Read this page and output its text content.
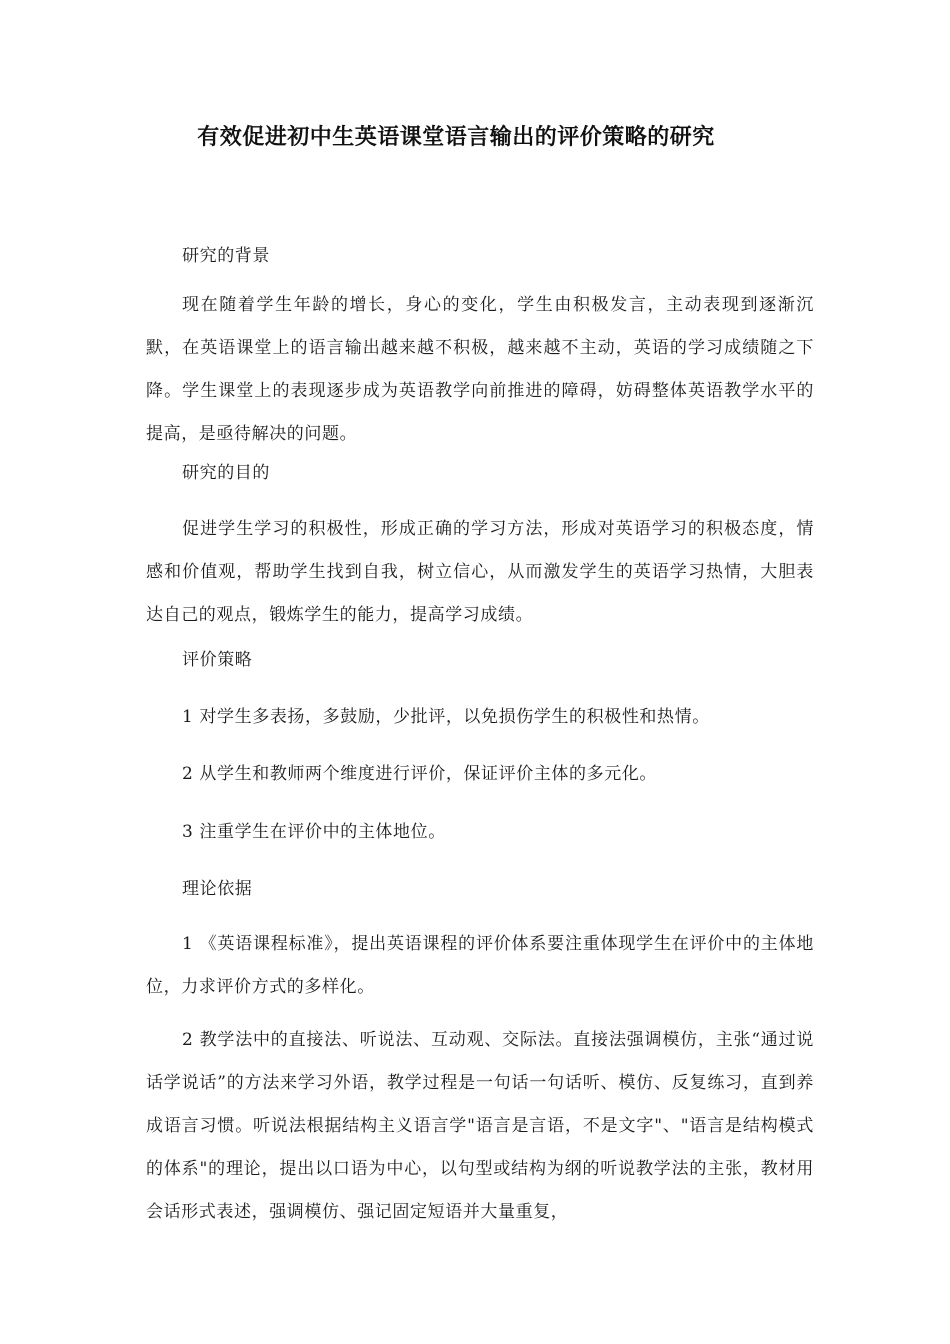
有效促进初中生英语课堂语言输出的评价策略的研究
研究的背景
现在随着学生年龄的增长，身心的变化，学生由积极发言，主动表现到逐渐沉默，在英语课堂上的语言输出越来越不积极，越来越不主动，英语的学习成绩随之下降。学生课堂上的表现逐步成为英语教学向前推进的障碍，妨碍整体英语教学水平的提高，是亟待解决的问题。
研究的目的
促进学生学习的积极性，形成正确的学习方法，形成对英语学习的积极态度，情感和价值观，帮助学生找到自我，树立信心，从而激发学生的英语学习热情，大胆表达自己的观点，锻炼学生的能力，提高学习成绩。
评价策略
1 对学生多表扬，多鼓励，少批评，以免损伤学生的积极性和热情。
2 从学生和教师两个维度进行评价，保证评价主体的多元化。
3 注重学生在评价中的主体地位。
理论依据
1 《英语课程标准》，提出英语课程的评价体系要注重体现学生在评价中的主体地位，力求评价方式的多样化。
2 教学法中的直接法、听说法、互动观、交际法。直接法强调模仿，主张“通过说话学说话”的方法来学习外语，教学过程是一句话一句话听、模仿、反复练习，直到养成语言习惯。听说法根据结构主义语言学"语言是言语，不是文字"、"语言是结构模式的体系"的理论，提出以口语为中心，以句型或结构为纲的听说教学法的主张，教材用会话形式表述，强调模仿、强记固定短语并大量重复，
